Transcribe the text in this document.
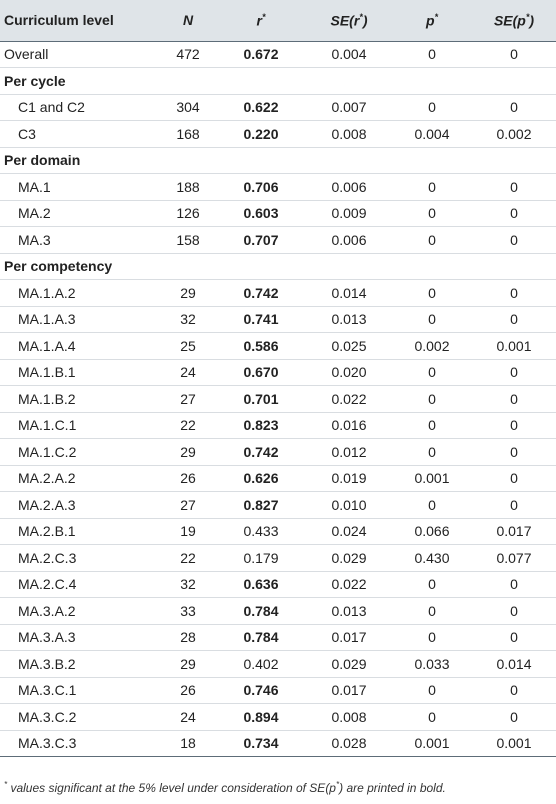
Curriculum level	N	r*	SE(r*)	p*	SE(p*)
Overall	472	0.672	0.004	0	0
Per cycle					
C1 and C2	304	0.622	0.007	0	0
C3	168	0.220	0.008	0.004	0.002
Per domain					
MA.1	188	0.706	0.006	0	0
MA.2	126	0.603	0.009	0	0
MA.3	158	0.707	0.006	0	0
Per competency					
MA.1.A.2	29	0.742	0.014	0	0
MA.1.A.3	32	0.741	0.013	0	0
MA.1.A.4	25	0.586	0.025	0.002	0.001
MA.1.B.1	24	0.670	0.020	0	0
MA.1.B.2	27	0.701	0.022	0	0
MA.1.C.1	22	0.823	0.016	0	0
MA.1.C.2	29	0.742	0.012	0	0
MA.2.A.2	26	0.626	0.019	0.001	0
MA.2.A.3	27	0.827	0.010	0	0
MA.2.B.1	19	0.433	0.024	0.066	0.017
MA.2.C.3	22	0.179	0.029	0.430	0.077
MA.2.C.4	32	0.636	0.022	0	0
MA.3.A.2	33	0.784	0.013	0	0
MA.3.A.3	28	0.784	0.017	0	0
MA.3.B.2	29	0.402	0.029	0.033	0.014
MA.3.C.1	26	0.746	0.017	0	0
MA.3.C.2	24	0.894	0.008	0	0
MA.3.C.3	18	0.734	0.028	0.001	0.001
* values significant at the 5% level under consideration of SE(p*) are printed in bold.
